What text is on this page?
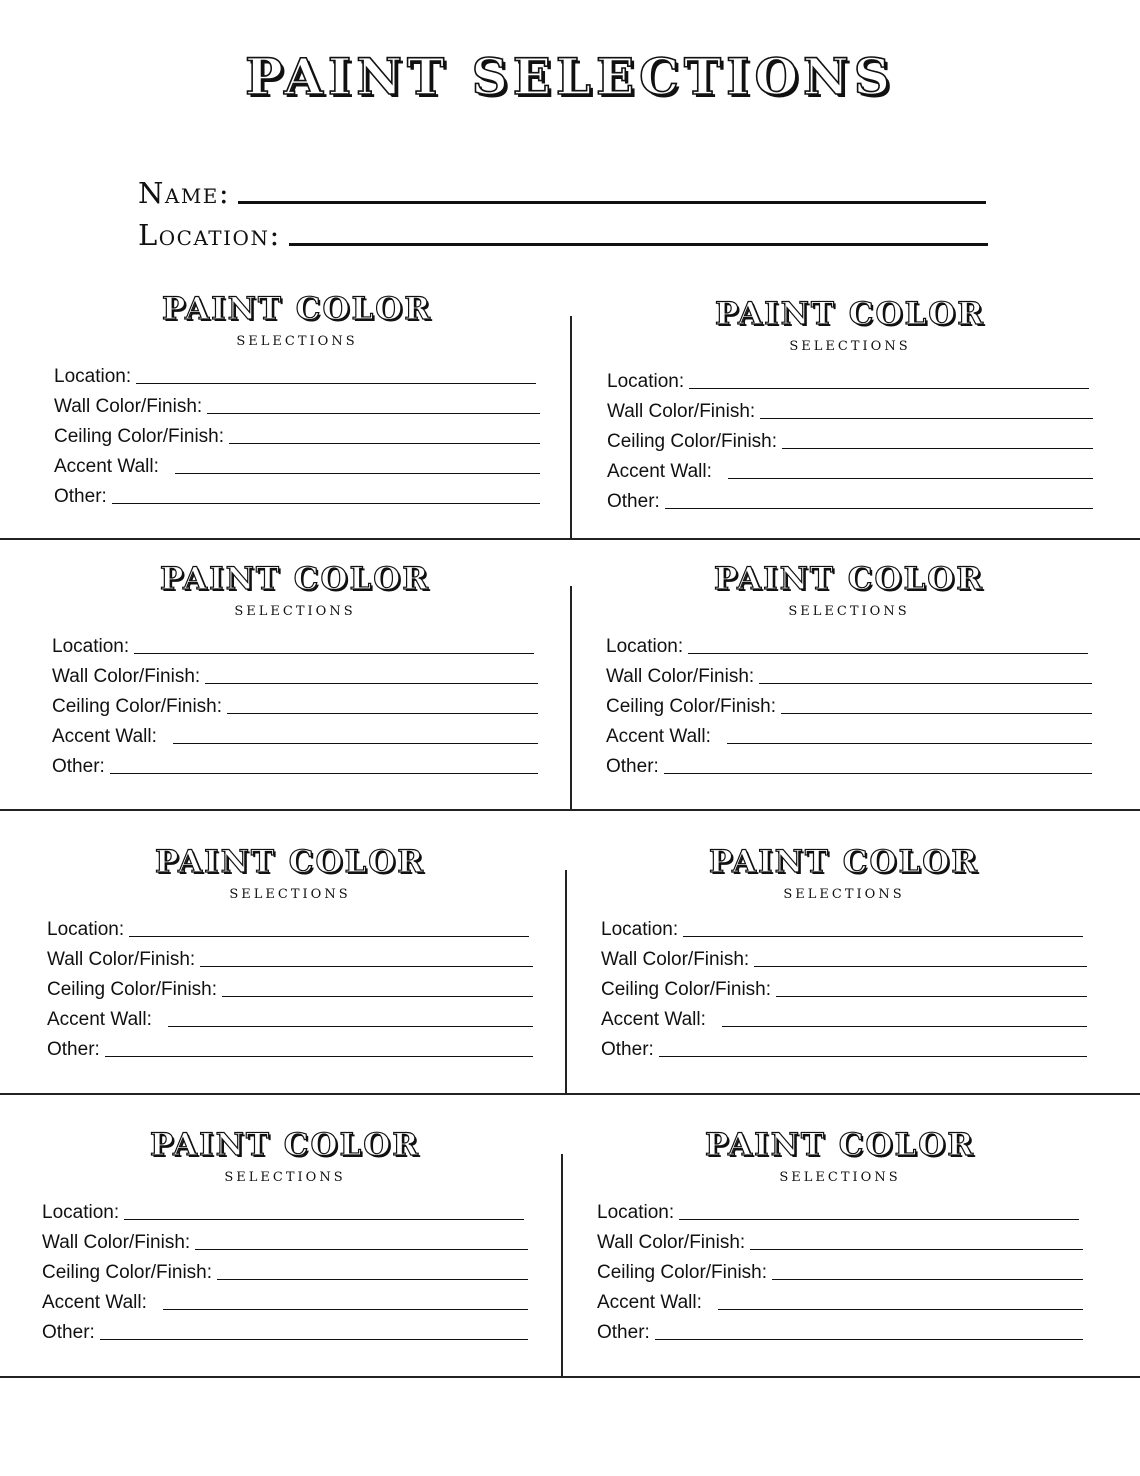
PAINT SELECTIONS
Name:
Location:
PAINT COLOR
SELECTIONS
Location:
Wall Color/Finish:
Ceiling Color/Finish:
Accent Wall:
Other:
PAINT COLOR
SELECTIONS
Location:
Wall Color/Finish:
Ceiling Color/Finish:
Accent Wall:
Other:
PAINT COLOR
SELECTIONS
Location:
Wall Color/Finish:
Ceiling Color/Finish:
Accent Wall:
Other:
PAINT COLOR
SELECTIONS
Location:
Wall Color/Finish:
Ceiling Color/Finish:
Accent Wall:
Other:
PAINT COLOR
SELECTIONS
Location:
Wall Color/Finish:
Ceiling Color/Finish:
Accent Wall:
Other:
PAINT COLOR
SELECTIONS
Location:
Wall Color/Finish:
Ceiling Color/Finish:
Accent Wall:
Other:
PAINT COLOR
SELECTIONS
Location:
Wall Color/Finish:
Ceiling Color/Finish:
Accent Wall:
Other:
PAINT COLOR
SELECTIONS
Location:
Wall Color/Finish:
Ceiling Color/Finish:
Accent Wall:
Other:
